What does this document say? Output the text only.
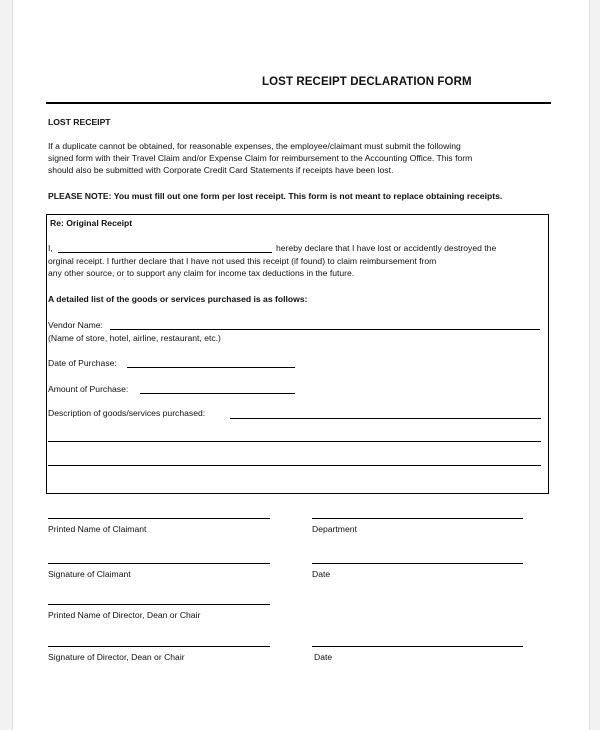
LOST RECEIPT DECLARATION FORM
LOST RECEIPT
If a duplicate cannot be obtained, for reasonable expenses, the employee/claimant must submit the following
signed form with their Travel Claim and/or Expense Claim for reimbursement to the Accounting Office. This form
should also be submitted with Corporate Credit Card Statements if receipts have been lost.
PLEASE NOTE: You must fill out one form per lost receipt. This form is not meant to replace obtaining receipts.
Re: Original Receipt
I,	hereby declare that I have lost or accidently destroyed the
orginal receipt. I further declare that I have not used this receipt (if found) to claim reimbursement from
any other source, or to support any claim for income tax deductions in the future.
A detailed list of the goods or services purchased is as follows:
Vendor Name:
(Name of store, hotel, airline, restaurant, etc.)
Date of Purchase:
Amount of Purchase:
Description of goods/services purchased:
Printed Name of Claimant	Department
Signature of Claimant	Date
Printed Name of Director, Dean or Chair
Signature of Director, Dean or Chair	Date
